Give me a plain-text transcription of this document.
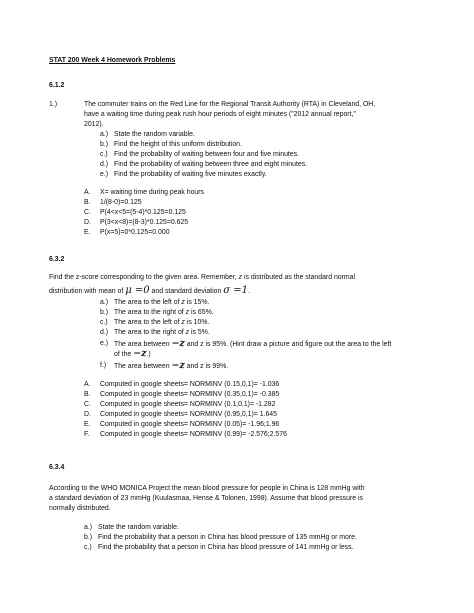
STAT 200 Week 4 Homework Problems
6.1.2
1.)	The commuter trains on the Red Line for the Regional Transit Authority (RTA) in Cleveland, OH,
have a waiting time during peak rush hour periods of eight minutes ("2012 annual report,"
2012).
a.) State the random variable.
b.) Find the height of this uniform distribution.
c.) Find the probability of waiting between four and five minutes.
d.) Find the probability of waiting between three and eight minutes.
e.) Find the probability of waiting five minutes exactly.
A. X= waiting time during peak hours
B. 1/(8-0)=0.125
C. P(4<x<5=(5-4)*0.125=0.125
D. P(3<x<8)=(8-3)*0.125=0.625
E. P(x=5)=0*0.125=0.000
6.3.2
Find the z-score corresponding to the given area. Remember, z is distributed as the standard normal
distribution with mean of μ =0 and standard deviation σ =1.
a.) The area to the left of z is 15%.
b.) The area to the right of z is 65%.
c.) The area to the left of z is 10%.
d.) The area to the right of z is 5%.
e.) The area between −z and z is 95%. (Hint draw a picture and figure out the area to the left
of the −z.)
f.) The area between −z and z is 99%.
A. Computed in google sheets= NORMINV (0.15,0,1)= -1.036
B. Computed in google sheets= NORMINV (0.35,0,1)= -0.385
C. Computed in google sheets= NORMINV (0.1,0,1)= -1.282
D. Computed in google sheets= NORMINV (0.95,0,1)= 1.645
E. Computed in google sheets= NORMINV (0.05)= -1.96;1.96
F. Computed in google sheets= NORMINV (0.99)= -2.576;2.576
6.3.4
According to the WHO MONICA Project the mean blood pressure for people in China is 128 mmHg with
a standard deviation of 23 mmHg (Kuulasmaa, Hense & Tolonen, 1998). Assume that blood pressure is
normally distributed.
a.) State the random variable.
b.) Find the probability that a person in China has blood pressure of 135 mmHg or more.
c.) Find the probability that a person in China has blood pressure of 141 mmHg or less.
